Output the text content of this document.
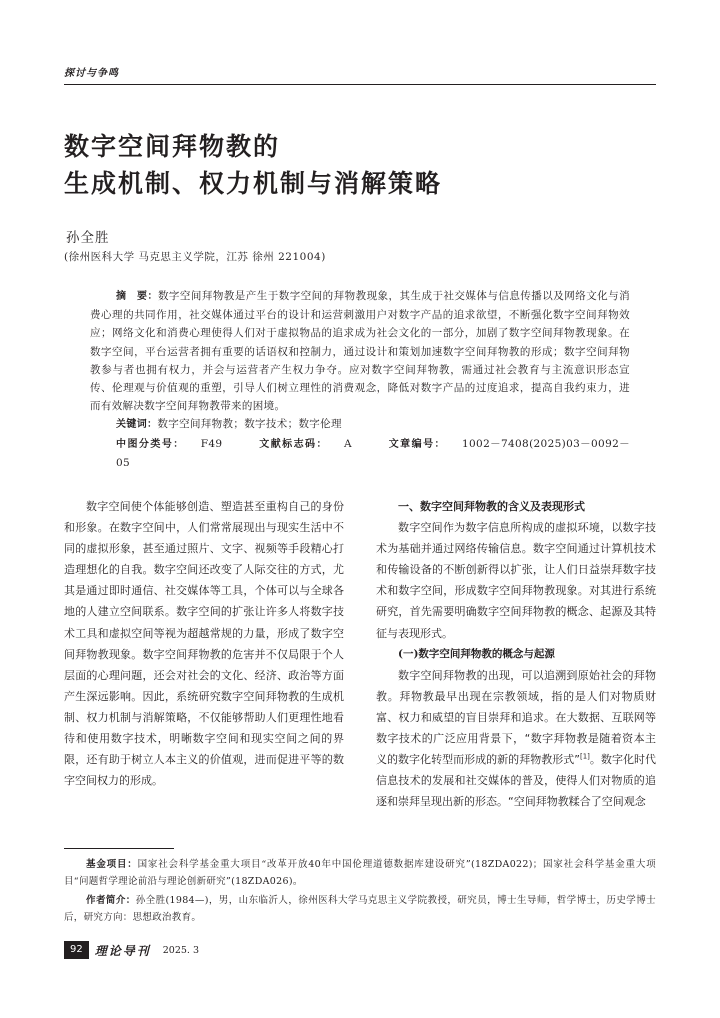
探讨与争鸣
数字空间拜物教的
生成机制、权力机制与消解策略
孙全胜
(徐州医科大学 马克思主义学院，江苏 徐州 221004)
摘　要：数字空间拜物教是产生于数字空间的拜物教现象，其生成于社交媒体与信息传播以及网络文化与消费心理的共同作用，社交媒体通过平台的设计和运营刺激用户对数字产品的追求欲望，不断强化数字空间拜物效应；网络文化和消费心理使得人们对于虚拟物品的追求成为社会文化的一部分，加剧了数字空间拜物教现象。在数字空间，平台运营者拥有重要的话语权和控制力，通过设计和策划加速数字空间拜物教的形成；数字空间拜物教参与者也拥有权力，并会与运营者产生权力争夺。应对数字空间拜物教，需通过社会教育与主流意识形态宣传、伦理观与价值观的重塑，引导人们树立理性的消费观念，降低对数字产品的过度追求，提高自我约束力，进而有效解决数字空间拜物教带来的困境。
关键词：数字空间拜物教；数字技术；数字伦理
中图分类号： F49	文献标志码： A	文章编号： 1002－7408(2025)03－0092－05

数字空间使个体能够创造、塑造甚至重构自己的身份和形象。在数字空间中，人们常常展现出与现实生活中不同的虚拟形象，甚至通过照片、文字、视频等手段精心打造理想化的自我。数字空间还改变了人际交往的方式，尤其是通过即时通信、社交媒体等工具，个体可以与全球各地的人建立空间联系。数字空间的扩张让许多人将数字技术工具和虚拟空间等视为超越常规的力量，形成了数字空间拜物教现象。数字空间拜物教的危害并不仅局限于个人层面的心理问题，还会对社会的文化、经济、政治等方面产生深远影响。因此，系统研究数字空间拜物教的生成机制、权力机制与消解策略，不仅能够帮助人们更理性地看待和使用数字技术，明晰数字空间和现实空间之间的界限，还有助于树立人本主义的价值观，进而促进平等的数字空间权力的形成。

一、数字空间拜物教的含义及表现形式

数字空间作为数字信息所构成的虚拟环境，以数字技术为基础并通过网络传输信息。数字空间通过计算机技术和传输设备的不断创新得以扩张，让人们日益崇拜数字技术和数字空间，形成数字空间拜物教现象。对其进行系统研究，首先需要明确数字空间拜物教的概念、起源及其特征与表现形式。

(一)数字空间拜物教的概念与起源

数字空间拜物教的出现，可以追溯到原始社会的拜物教。拜物教最早出现在宗教领域，指的是人们对物质财富、权力和威望的盲目崇拜和追求。在大数据、互联网等数字技术的广泛应用背景下，“数字拜物教是随着资本主义的数字化转型而形成的新的拜物教形式”[1]。数字化时代信息技术的发展和社交媒体的普及，使得人们对物质的追逐和崇拜呈现出新的形态。“空间拜物教糅合了空间观念

基金项目：国家社会科学基金重大项目“改革开放40年中国伦理道德数据库建设研究”(18ZDA022)；国家社会科学基金重大项目“问题哲学理论前沿与理论创新研究”(18ZDA026)。

作者简介：孙全胜(1984—)，男，山东临沂人，徐州医科大学马克思主义学院教授，研究员，博士生导师，哲学博士，历史学博士后，研究方向：思想政治教育。

92	理论导刊 2025. 3
